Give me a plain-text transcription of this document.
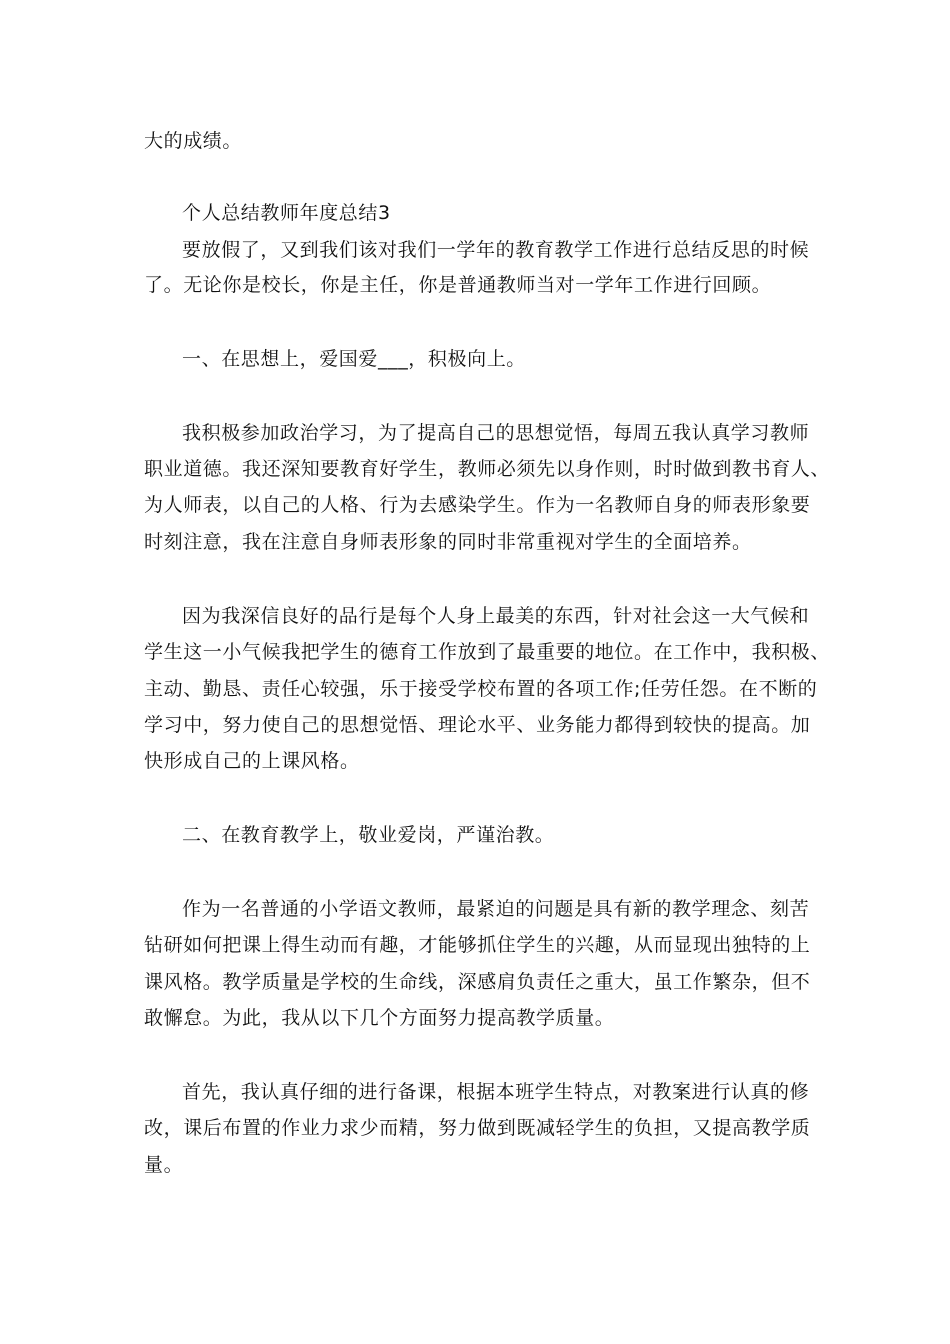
大的成绩。
个人总结教师年度总结3
要放假了，又到我们该对我们一学年的教育教学工作进行总结反思的时候
了。无论你是校长，你是主任，你是普通教师当对一学年工作进行回顾。
一、在思想上，爱国爱___，积极向上。
我积极参加政治学习，为了提高自己的思想觉悟，每周五我认真学习教师
职业道德。我还深知要教育好学生，教师必须先以身作则，时时做到教书育人、
为人师表，以自己的人格、行为去感染学生。作为一名教师自身的师表形象要
时刻注意，我在注意自身师表形象的同时非常重视对学生的全面培养。
因为我深信良好的品行是每个人身上最美的东西，针对社会这一大气候和
学生这一小气候我把学生的德育工作放到了最重要的地位。在工作中，我积极、
主动、勤恳、责任心较强，乐于接受学校布置的各项工作;任劳任怨。在不断的
学习中，努力使自己的思想觉悟、理论水平、业务能力都得到较快的提高。加
快形成自己的上课风格。
二、在教育教学上，敬业爱岗，严谨治教。
作为一名普通的小学语文教师，最紧迫的问题是具有新的教学理念、刻苦
钻研如何把课上得生动而有趣，才能够抓住学生的兴趣，从而显现出独特的上
课风格。教学质量是学校的生命线，深感肩负责任之重大，虽工作繁杂，但不
敢懈怠。为此，我从以下几个方面努力提高教学质量。
首先，我认真仔细的进行备课，根据本班学生特点，对教案进行认真的修
改，课后布置的作业力求少而精，努力做到既减轻学生的负担，又提高教学质
量。
